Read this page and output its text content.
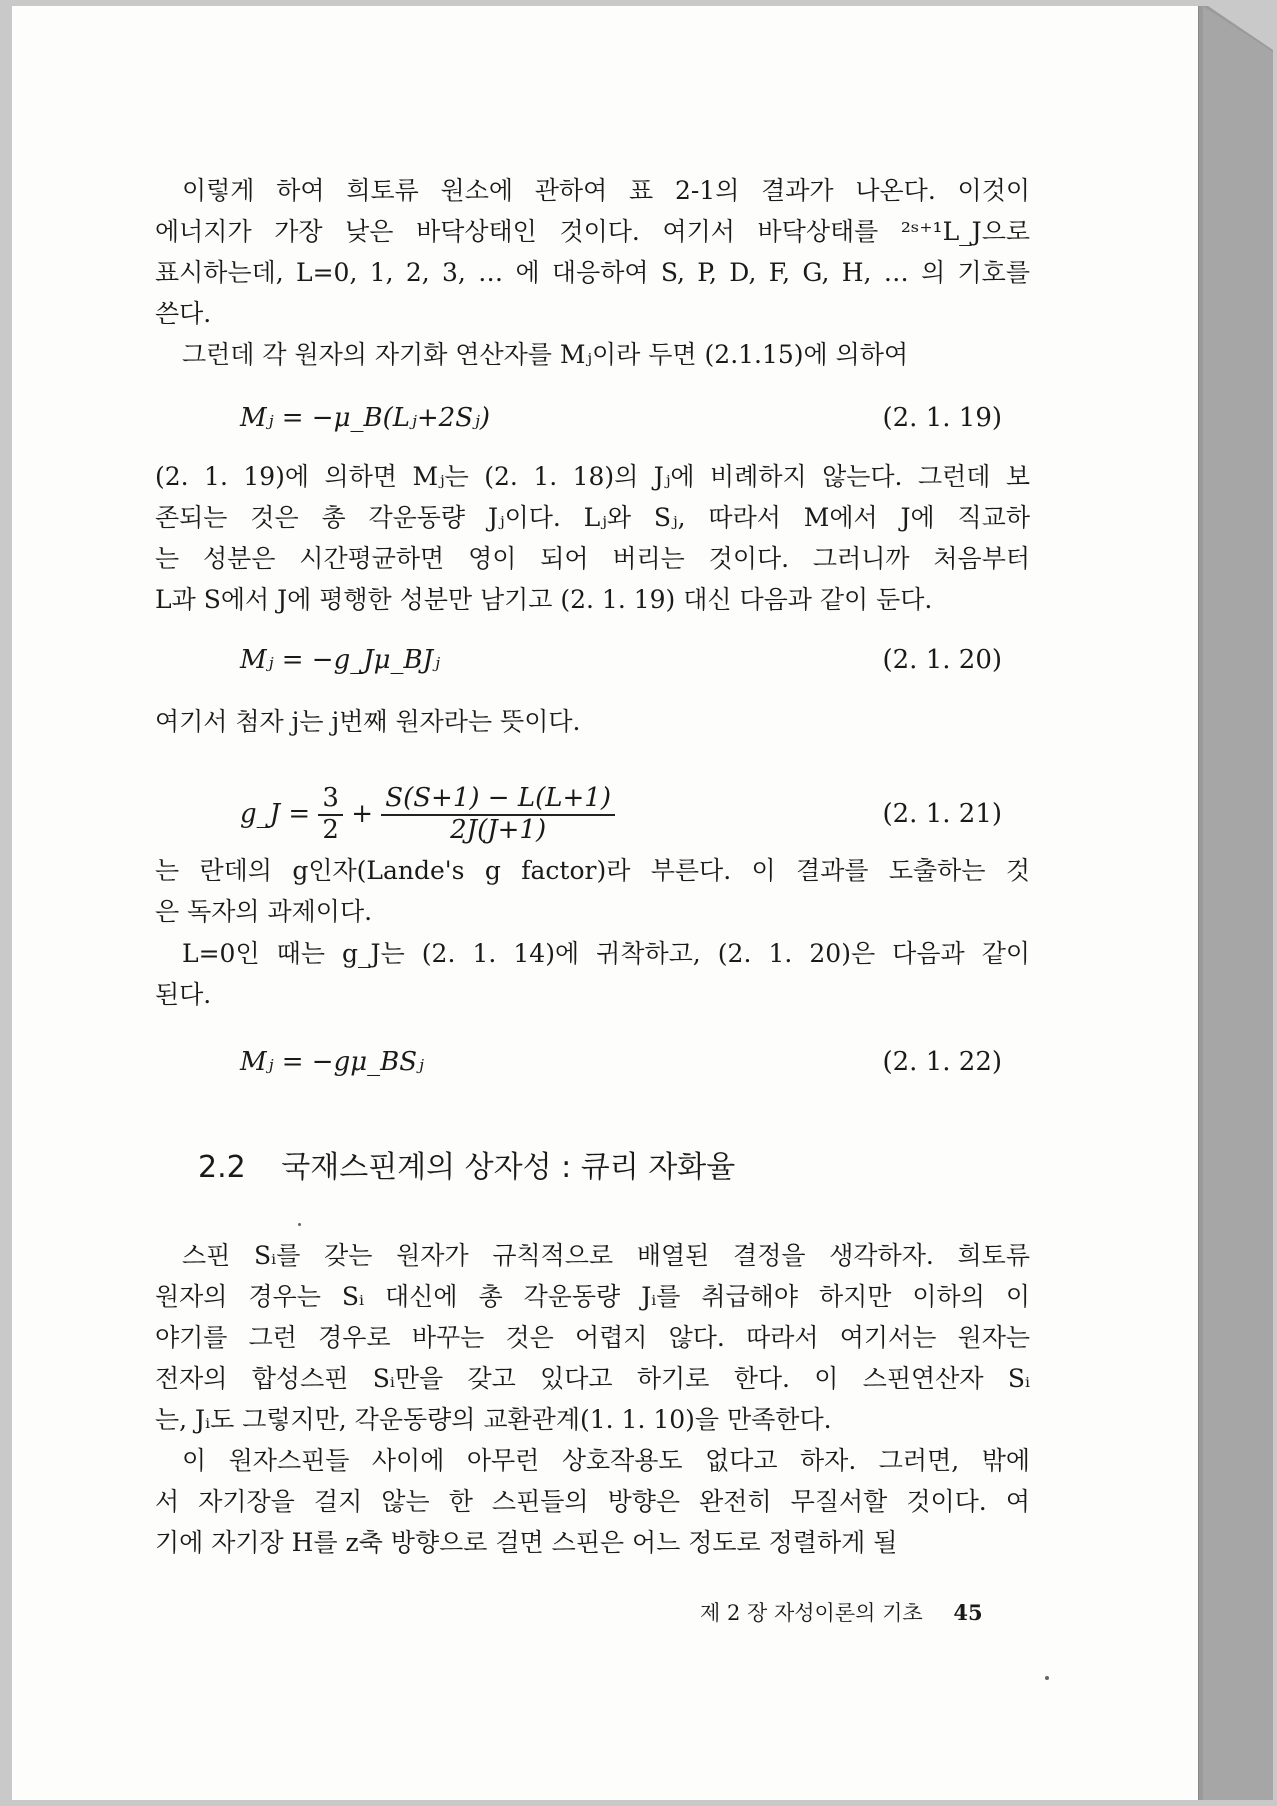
이렇게 하여 희토류 원소에 관하여 표 2-1의 결과가 나온다. 이것이

에너지가 가장 낮은 바닥상태인 것이다. 여기서 바닥상태를 ²ˢ⁺¹L_J으로

표시하는데, L=0, 1, 2, 3, … 에 대응하여 S, P, D, F, G, H, … 의 기호를

쓴다.

그런데 각 원자의 자기화 연산자를 Mⱼ이라 두면 (2.1.15)에 의하여

Mⱼ = −μ_B(Lⱼ+2Sⱼ)	(2. 1. 19)

(2. 1. 19)에 의하면 Mⱼ는 (2. 1. 18)의 Jⱼ에 비례하지 않는다. 그런데 보

존되는 것은 총 각운동량 Jⱼ이다. Lⱼ와 Sⱼ, 따라서 M에서 J에 직교하

는 성분은 시간평균하면 영이 되어 버리는 것이다. 그러니까 처음부터

L과 S에서 J에 평행한 성분만 남기고 (2. 1. 19) 대신 다음과 같이 둔다.

Mⱼ = −g_Jμ_BJⱼ	(2. 1. 20)

여기서 첨자 j는 j번째 원자라는 뜻이다.

g_J = $\frac{3}{2} + \frac{S(S+1) - L(L+1)}{2J(J+1)}$	(2. 1. 21)

는 란데의 g인자(Lande's g factor)라 부른다. 이 결과를 도출하는 것

은 독자의 과제이다.

L=0인 때는 g_J는 (2. 1. 14)에 귀착하고, (2. 1. 20)은 다음과 같이

된다.

Mⱼ = −gμ_BSⱼ	(2. 1. 22)
2.2 국재스핀계의 상자성 : 큐리 자화율

스핀 Sᵢ를 갖는 원자가 규칙적으로 배열된 결정을 생각하자. 희토류

원자의 경우는 Sᵢ 대신에 총 각운동량 Jᵢ를 취급해야 하지만 이하의 이

야기를 그런 경우로 바꾸는 것은 어렵지 않다. 따라서 여기서는 원자는

전자의 합성스핀 Sᵢ만을 갖고 있다고 하기로 한다. 이 스핀연산자 Sᵢ

는, Jᵢ도 그렇지만, 각운동량의 교환관계(1. 1. 10)을 만족한다.

이 원자스핀들 사이에 아무런 상호작용도 없다고 하자. 그러면, 밖에

서 자기장을 걸지 않는 한 스핀들의 방향은 완전히 무질서할 것이다. 여

기에 자기장 H를 z축 방향으로 걸면 스핀은 어느 정도로 정렬하게 될

제 2 장 자성이론의 기초 45
